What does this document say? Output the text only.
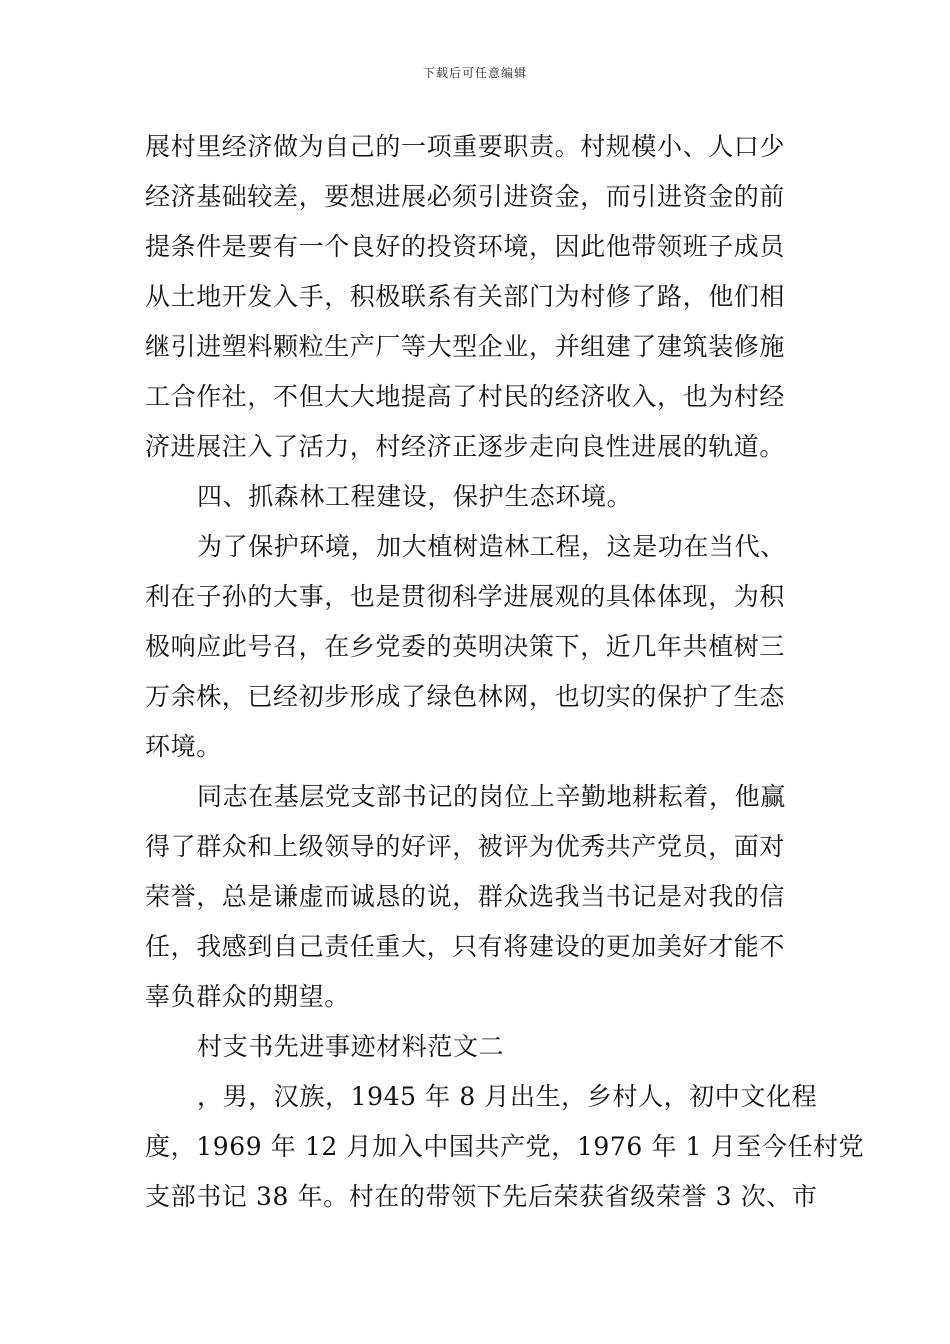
下载后可任意编辑
展村里经济做为自己的一项重要职责。村规模小、人口少
经济基础较差，要想进展必须引进资金，而引进资金的前
提条件是要有一个良好的投资环境，因此他带领班子成员
从土地开发入手，积极联系有关部门为村修了路，他们相
继引进塑料颗粒生产厂等大型企业，并组建了建筑装修施
工合作社，不但大大地提高了村民的经济收入，也为村经
济进展注入了活力，村经济正逐步走向良性进展的轨道。
四、抓森林工程建设，保护生态环境。
为了保护环境，加大植树造林工程，这是功在当代、
利在子孙的大事，也是贯彻科学进展观的具体体现，为积
极响应此号召，在乡党委的英明决策下，近几年共植树三
万余株，已经初步形成了绿色林网，也切实的保护了生态
环境。
同志在基层党支部书记的岗位上辛勤地耕耘着，他赢
得了群众和上级领导的好评，被评为优秀共产党员，面对
荣誉，总是谦虚而诚恳的说，群众选我当书记是对我的信
任，我感到自己责任重大，只有将建设的更加美好才能不
辜负群众的期望。
村支书先进事迹材料范文二
，男，汉族，1945 年 8 月出生，乡村人，初中文化程
度，1969 年 12 月加入中国共产党，1976 年 1 月至今任村党
支部书记 38 年。村在的带领下先后荣获省级荣誉 3 次、市
